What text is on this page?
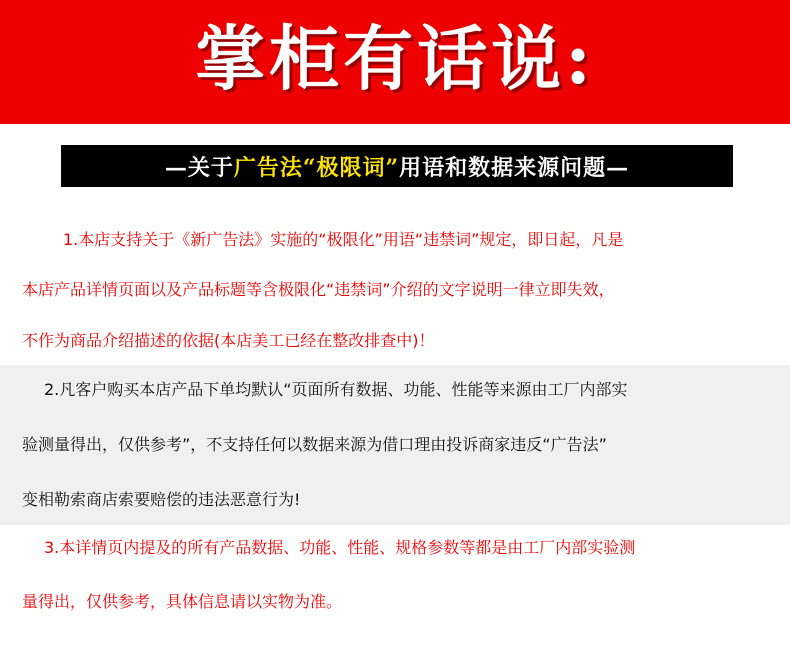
掌柜有话说:
—关于 广告法“极限词” 用语和数据来源问题—
1.本店支持关于《新广告法》实施的“极限化”用语“违禁词”规定，即日起，凡是
本店产品详情页面以及产品标题等含极限化“违禁词”介绍的文字说明一律立即失效，
不作为商品介绍描述的依据(本店美工已经在整改排查中)！
2.凡客户购买本店产品下单均默认“页面所有数据、功能、性能等来源由工厂内部实
验测量得出，仅供参考”，不支持任何以数据来源为借口理由投诉商家违反“广告法”
变相勒索商店索要赔偿的违法恶意行为!
3.本详情页内提及的所有产品数据、功能、性能、规格参数等都是由工厂内部实验测
量得出，仅供参考，具体信息请以实物为准。
